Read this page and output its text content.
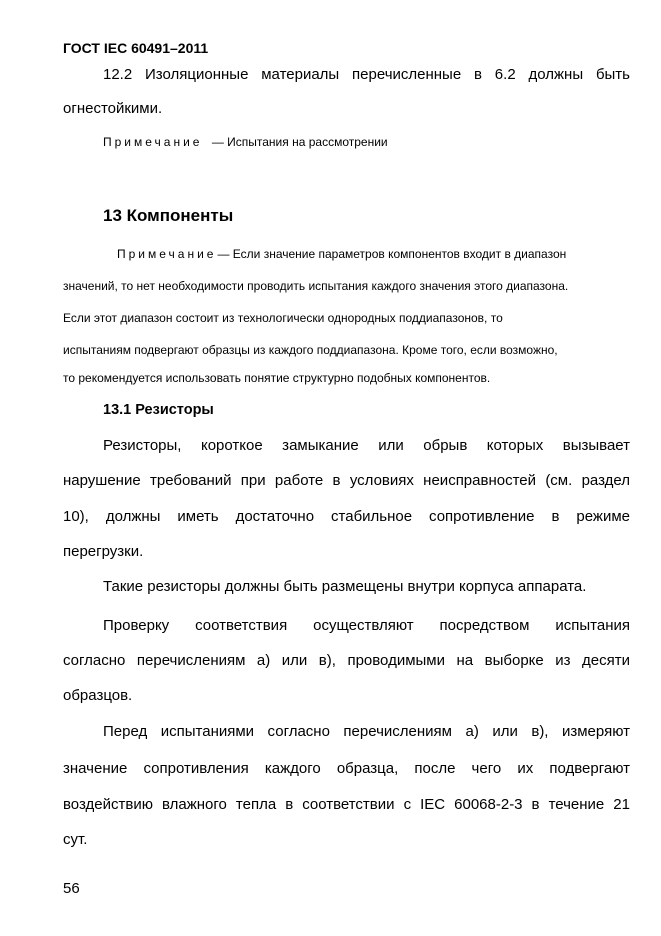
ГОСТ IEC 60491–2011
12.2 Изоляционные материалы перечисленные в 6.2 должны быть
огнестойкими.
Примечание — Испытания на рассмотрении
13 Компоненты
Примечание— Если значение параметров компонентов входит в диапазон
значений, то нет необходимости проводить испытания каждого значения этого диапазона.
Если этот диапазон состоит из технологически однородных поддиапазонов, то
испытаниям подвергают образцы из каждого поддиапазона. Кроме того, если возможно,
то рекомендуется использовать понятие структурно подобных компонентов.
13.1 Резисторы
Резисторы, короткое замыкание или обрыв которых вызывает
нарушение требований при работе в условиях неисправностей (см. раздел
10), должны иметь достаточно стабильное сопротивление в режиме
перегрузки.
Такие резисторы должны быть размещены внутри корпуса аппарата.
Проверку соответствия осуществляют посредством испытания
согласно перечислениям а) или в), проводимыми на выборке из десяти
образцов.
Перед испытаниями согласно перечислениям а) или в), измеряют
значение сопротивления каждого образца, после чего их подвергают
воздействию влажного тепла в соответствии с IEC 60068-2-3 в течение 21
сут.
56
